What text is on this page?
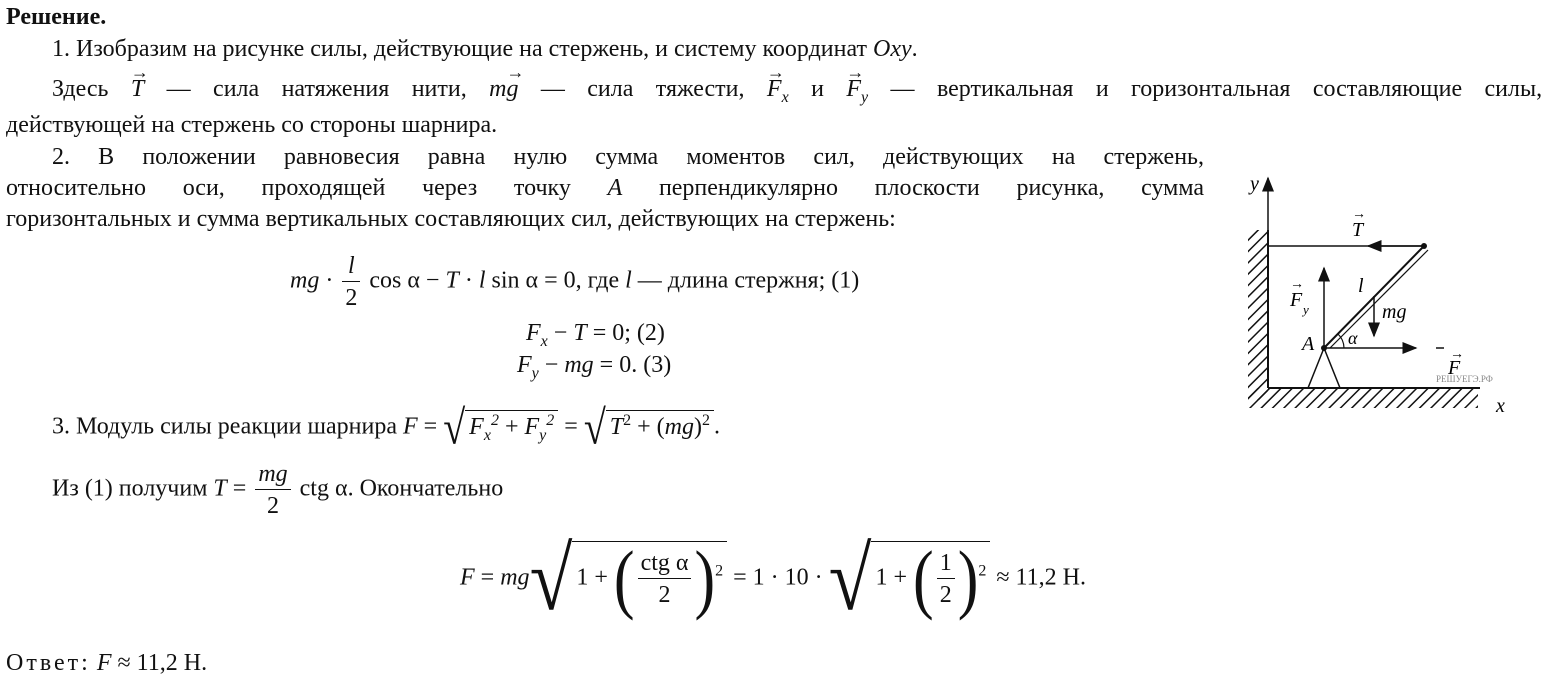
Решение.
1. Изобразим на рисунке силы, действующие на стержень, и систему координат Oxy.
Здесь → T — сила натяжения нити, m→ g — сила тяжести, → $F_x$ $и \to F_y$ — вертикальная и горизонтальная составляющие силы,
действующей на стержень со стороны шарнира.
2. В положении равновесия равна нулю сумма моментов сил, действующих на стержень,
относительно оси, проходящей через точку A перпендикулярно плоскости рисунка, сумма
горизонтальных и сумма вертикальных составляющих сил, действующих на стержень:
mg · $\frac{l}{2}$ cos α − T · l sin α = 0, где l — длина стержня; (1)
$F_x - T = 0$; (2)
$F_y$ − mg = 0. (3)
3. Модуль силы реакции шарнира F = √ $F_x^2 + F_y^2$ = √ $T^2 + (mg)^2$ .
Из (1) получим $T = \frac{mg}{2}$ ctg α. Окончательно
F = mg√ 1 + ( $\frac{\text{ctg α}}{2} )^2 = 1 \cdot 10$ · √ 1 + ( $\frac{1}{2} )^2 \approx 11,2$ Н.
Ответ: F ≈ 11,2 Н.
y
x
T
→
l
F y
→
mg
A α
F
→
РЕШУЕГЭ.РФ
